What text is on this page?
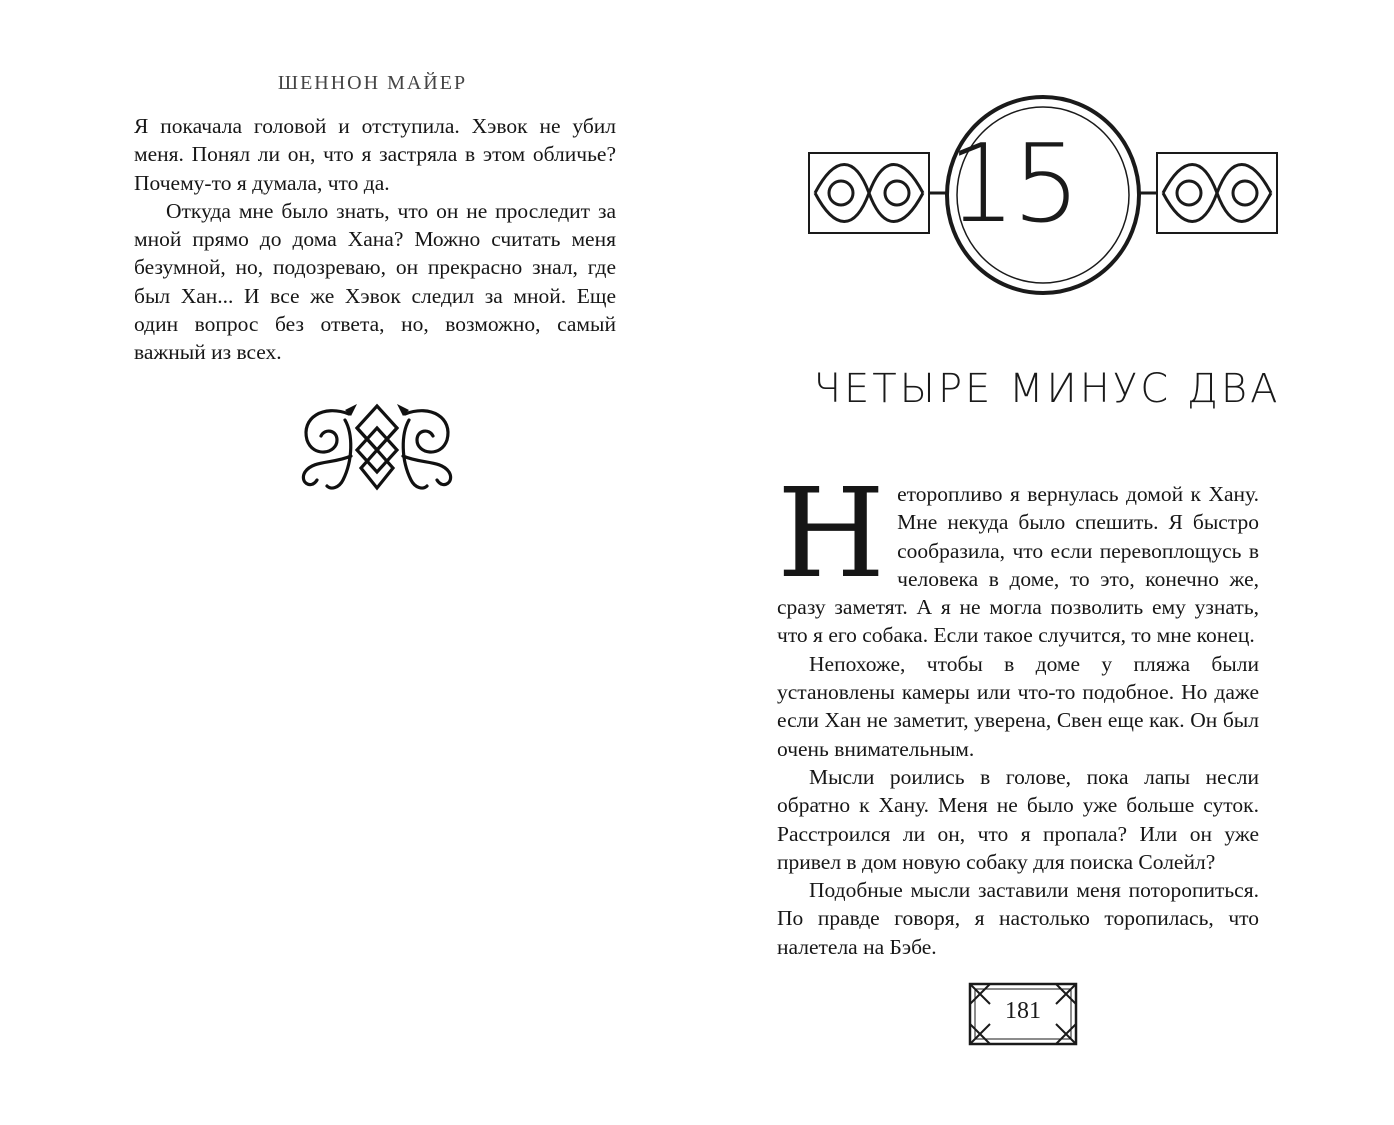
ШЕННОН МАЙЕР

Я покачала головой и отступила. Хэвок не убил меня. Понял ли он, что я застряла в этом обличье? Почему-то я думала, что да.

Откуда мне было знать, что он не проследит за мной прямо до дома Хана? Можно считать меня безумной, но, подозреваю, он прекрасно знал, где был Хан... И все же Хэвок следил за мной. Еще один вопрос без ответа, но, возможно, самый важный из всех.

15
ЧЕТЫРЕ МИНУС ДВА

Неторопливо я вернулась домой к Хану. Мне некуда было спешить. Я быстро сообразила, что если перевоплощусь в человека в доме, то это, конечно же, сразу заметят. А я не могла позволить ему узнать, что я его собака. Если такое случится, то мне конец.

Непохоже, чтобы в доме у пляжа были установлены камеры или что-то подобное. Но даже если Хан не заметит, уверена, Свен еще как. Он был очень внимательным.

Мысли роились в голове, пока лапы несли обратно к Хану. Меня не было уже больше суток. Расстроился ли он, что я пропала? Или он уже привел в дом новую собаку для поиска Солейл?

Подобные мысли заставили меня поторопиться. По правде говоря, я настолько торопилась, что налетела на Бэбе.

181
